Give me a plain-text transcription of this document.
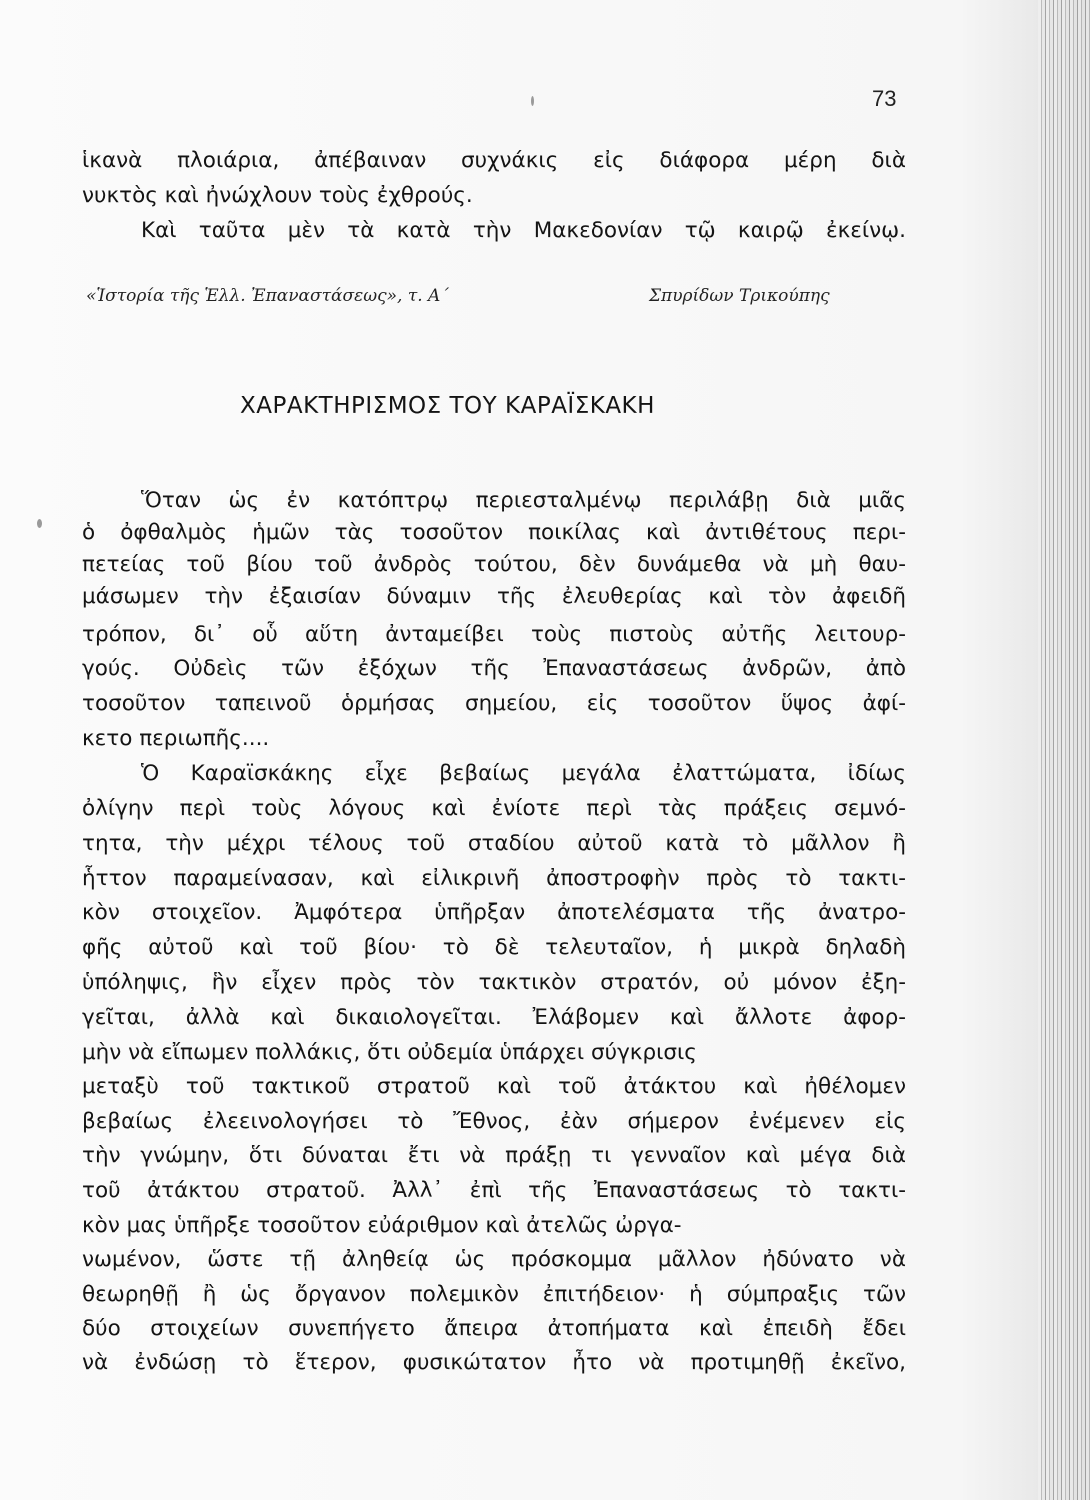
73
ἱκανὰ πλοιάρια, ἀπέβαιναν συχνάκις εἰς διάφορα μέρη διὰ
νυκτὸς καὶ ἠνώχλουν τοὺς ἐχθρούς.
Καὶ ταῦτα μὲν τὰ κατὰ τὴν Μακεδονίαν τῷ καιρῷ ἐκείνῳ.
«Ἱστορία τῆς Ἑλλ. Ἐπαναστάσεως», τ. Α΄	Σπυρίδων Τρικούπης
ΧΑΡΑΚΤΗΡΙΣΜΟΣ ΤΟΥ ΚΑΡΑΪΣΚΑΚΗ
Ὅταν ὡς ἐν κατόπτρῳ περιεσταλμένῳ περιλάβῃ διὰ μιᾶς
ὁ ὀφθαλμὸς ἡμῶν τὰς τοσοῦτον ποικίλας καὶ ἀντιθέτους περι-
πετείας τοῦ βίου τοῦ ἀνδρὸς τούτου, δὲν δυνάμεθα νὰ μὴ θαυ-
μάσωμεν τὴν ἐξαισίαν δύναμιν τῆς ἐλευθερίας καὶ τὸν ἀφειδῆ
τρόπον, δι᾿ οὗ αὕτη ἀνταμείβει τοὺς πιστοὺς αὐτῆς λειτουρ-
γούς. Οὐδεὶς τῶν ἐξόχων τῆς Ἐπαναστάσεως ἀνδρῶν, ἀπὸ
τοσοῦτον ταπεινοῦ ὁρμήσας σημείου, εἰς τοσοῦτον ὕψος ἀφί-
κετο περιωπῆς....
Ὁ Καραϊσκάκης εἶχε βεβαίως μεγάλα ἐλαττώματα, ἰδίως
ὀλίγην περὶ τοὺς λόγους καὶ ἐνίοτε περὶ τὰς πράξεις σεμνό-
τητα, τὴν μέχρι τέλους τοῦ σταδίου αὐτοῦ κατὰ τὸ μᾶλλον ἢ
ἧττον παραμείνασαν, καὶ εἰλικρινῆ ἀποστροφὴν πρὸς τὸ τακτι-
κὸν στοιχεῖον. Ἀμφότερα ὑπῆρξαν ἀποτελέσματα τῆς ἀνατρο-
φῆς αὐτοῦ καὶ τοῦ βίου· τὸ δὲ τελευταῖον, ἡ μικρὰ δηλαδὴ
ὑπόληψις, ἣν εἶχεν πρὸς τὸν τακτικὸν στρατόν, οὐ μόνον ἐξη-
γεῖται, ἀλλὰ καὶ δικαιολογεῖται. Ἐλάβομεν καὶ ἄλλοτε ἀφορ-
μὴν νὰ εἴπωμεν πολλάκις, ὅτι οὐδεμία ὑπάρχει σύγκρισις
μεταξὺ τοῦ τακτικοῦ στρατοῦ καὶ τοῦ ἀτάκτου καὶ ἠθέλομεν
βεβαίως ἐλεεινολογήσει τὸ Ἔθνος, ἐὰν σήμερον ἐνέμενεν εἰς
τὴν γνώμην, ὅτι δύναται ἔτι νὰ πράξῃ τι γενναῖον καὶ μέγα διὰ
τοῦ ἀτάκτου στρατοῦ. Ἀλλ᾿ ἐπὶ τῆς Ἐπαναστάσεως τὸ τακτι-
κὸν μας ὑπῆρξε τοσοῦτον εὐάριθμον καὶ ἀτελῶς ὠργα-
νωμένον, ὥστε τῇ ἀληθείᾳ ὡς πρόσκομμα μᾶλλον ἠδύνατο νὰ
θεωρηθῇ ἢ ὡς ὄργανον πολεμικὸν ἐπιτήδειον· ἡ σύμπραξις τῶν
δύο στοιχείων συνεπήγετο ἄπειρα ἀτοπήματα καὶ ἐπειδὴ ἔδει
νὰ ἐνδώσῃ τὸ ἕτερον, φυσικώτατον ἦτο νὰ προτιμηθῇ ἐκεῖνο,
